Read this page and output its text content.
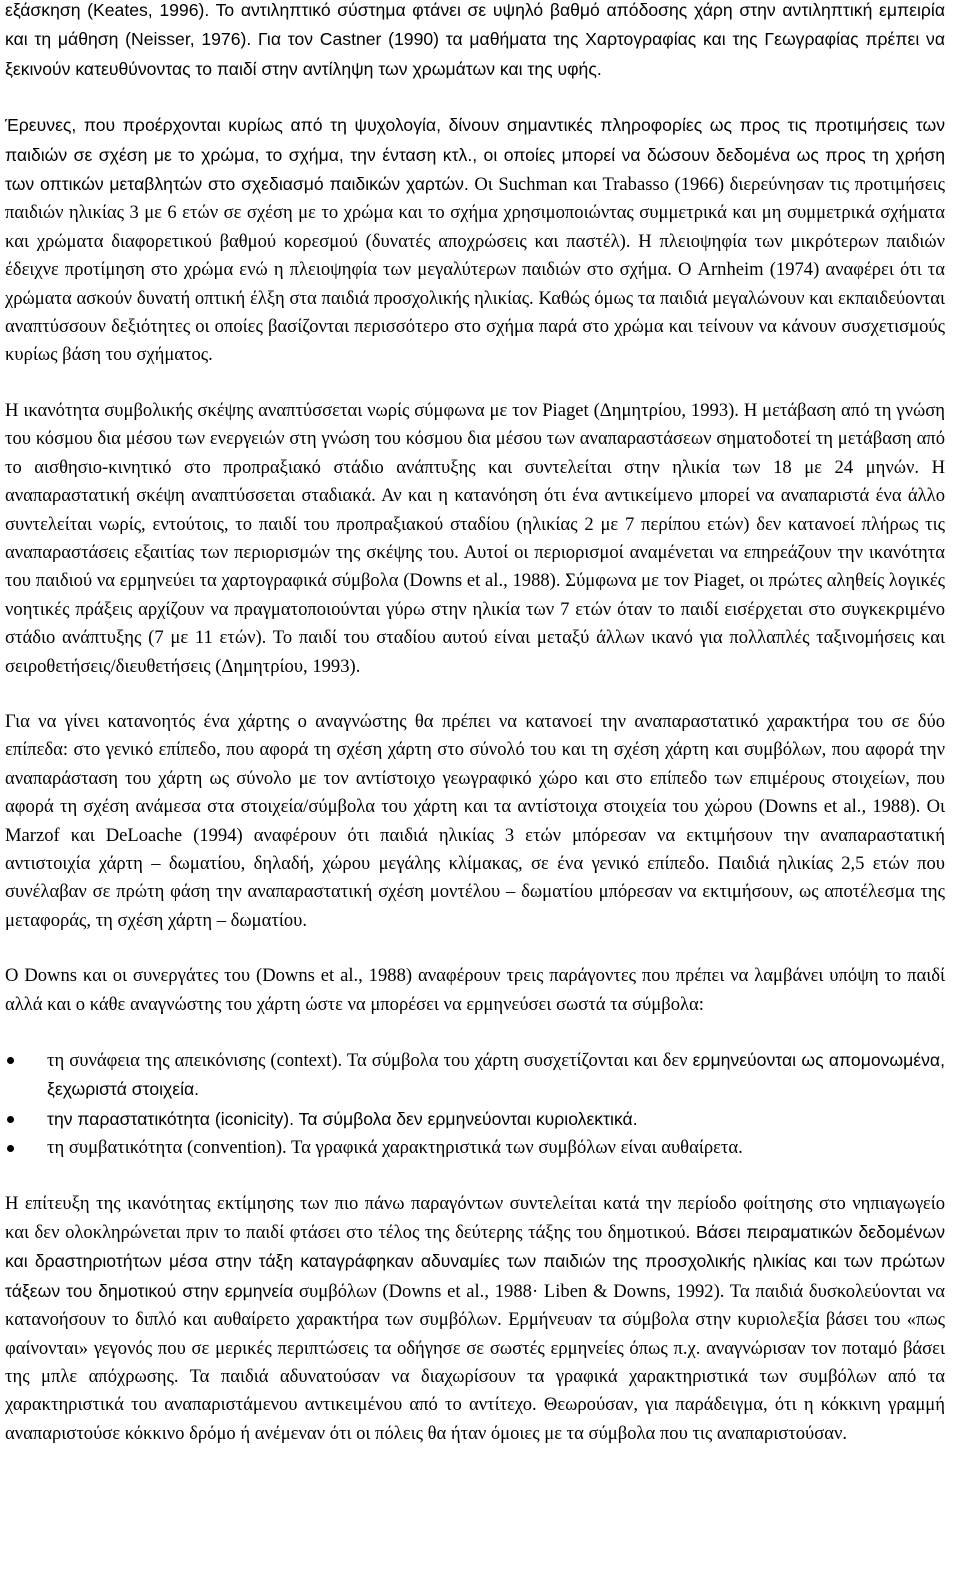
εξάσκηση (Keates, 1996). Το αντιληπτικό σύστημα φτάνει σε υψηλό βαθμό απόδοσης χάρη στην αντιληπτική εμπειρία και τη μάθηση (Neisser, 1976). Για τον Castner (1990) τα μαθήματα της Χαρτογραφίας και της Γεωγραφίας πρέπει να ξεκινούν κατευθύνοντας το παιδί στην αντίληψη των χρωμάτων και της υφής.

Έρευνες, που προέρχονται κυρίως από τη ψυχολογία, δίνουν σημαντικές πληροφορίες ως προς τις προτιμήσεις των παιδιών σε σχέση με το χρώμα, το σχήμα, την ένταση κτλ., οι οποίες μπορεί να δώσουν δεδομένα ως προς τη χρήση των οπτικών μεταβλητών στο σχεδιασμό παιδικών χαρτών. Οι Suchman και Trabasso (1966) διερεύνησαν τις προτιμήσεις παιδιών ηλικίας 3 με 6 ετών σε σχέση με το χρώμα και το σχήμα χρησιμοποιώντας συμμετρικά και μη συμμετρικά σχήματα και χρώματα διαφορετικού βαθμού κορεσμού (δυνατές αποχρώσεις και παστέλ). Η πλειοψηφία των μικρότερων παιδιών έδειχνε προτίμηση στο χρώμα ενώ η πλειοψηφία των μεγαλύτερων παιδιών στο σχήμα. Ο Arnheim (1974) αναφέρει ότι τα χρώματα ασκούν δυνατή οπτική έλξη στα παιδιά προσχολικής ηλικίας. Καθώς όμως τα παιδιά μεγαλώνουν και εκπαιδεύονται αναπτύσσουν δεξιότητες οι οποίες βασίζονται περισσότερο στο σχήμα παρά στο χρώμα και τείνουν να κάνουν συσχετισμούς κυρίως βάση του σχήματος.

Η ικανότητα συμβολικής σκέψης αναπτύσσεται νωρίς σύμφωνα με τον Piaget (Δημητρίου, 1993). Η μετάβαση από τη γνώση του κόσμου δια μέσου των ενεργειών στη γνώση του κόσμου δια μέσου των αναπαραστάσεων σηματοδοτεί τη μετάβαση από το αισθησιο-κινητικό στο προπραξιακό στάδιο ανάπτυξης και συντελείται στην ηλικία των 18 με 24 μηνών. Η αναπαραστατική σκέψη αναπτύσσεται σταδιακά. Αν και η κατανόηση ότι ένα αντικείμενο μπορεί να αναπαριστά ένα άλλο συντελείται νωρίς, εντούτοις, το παιδί του προπραξιακού σταδίου (ηλικίας 2 με 7 περίπου ετών) δεν κατανοεί πλήρως τις αναπαραστάσεις εξαιτίας των περιορισμών της σκέψης του. Αυτοί οι περιορισμοί αναμένεται να επηρεάζουν την ικανότητα του παιδιού να ερμηνεύει τα χαρτογραφικά σύμβολα (Downs et al., 1988). Σύμφωνα με τον Piaget, οι πρώτες αληθείς λογικές νοητικές πράξεις αρχίζουν να πραγματοποιούνται γύρω στην ηλικία των 7 ετών όταν το παιδί εισέρχεται στο συγκεκριμένο στάδιο ανάπτυξης (7 με 11 ετών). Το παιδί του σταδίου αυτού είναι μεταξύ άλλων ικανό για πολλαπλές ταξινομήσεις και σειροθετήσεις/διευθετήσεις (Δημητρίου, 1993).

Για να γίνει κατανοητός ένα χάρτης ο αναγνώστης θα πρέπει να κατανοεί την αναπαραστατικό χαρακτήρα του σε δύο επίπεδα: στο γενικό επίπεδο, που αφορά τη σχέση χάρτη στο σύνολό του και τη σχέση χάρτη και συμβόλων, που αφορά την αναπαράσταση του χάρτη ως σύνολο με τον αντίστοιχο γεωγραφικό χώρο και στο επίπεδο των επιμέρους στοιχείων, που αφορά τη σχέση ανάμεσα στα στοιχεία/σύμβολα του χάρτη και τα αντίστοιχα στοιχεία του χώρου (Downs et al., 1988). Οι Marzof και DeLoache (1994) αναφέρουν ότι παιδιά ηλικίας 3 ετών μπόρεσαν να εκτιμήσουν την αναπαραστατική αντιστοιχία χάρτη – δωματίου, δηλαδή, χώρου μεγάλης κλίμακας, σε ένα γενικό επίπεδο. Παιδιά ηλικίας 2,5 ετών που συνέλαβαν σε πρώτη φάση την αναπαραστατική σχέση μοντέλου – δωματίου μπόρεσαν να εκτιμήσουν, ως αποτέλεσμα της μεταφοράς, τη σχέση χάρτη – δωματίου.

Ο Downs και οι συνεργάτες του (Downs et al., 1988) αναφέρουν τρεις παράγοντες που πρέπει να λαμβάνει υπόψη το παιδί αλλά και ο κάθε αναγνώστης του χάρτη ώστε να μπορέσει να ερμηνεύσει σωστά τα σύμβολα:

τη συνάφεια της απεικόνισης (context). Τα σύμβολα του χάρτη συσχετίζονται και δεν ερμηνεύονται ως απομονωμένα, ξεχωριστά στοιχεία.
την παραστατικότητα (iconicity). Τα σύμβολα δεν ερμηνεύονται κυριολεκτικά.
τη συμβατικότητα (convention). Τα γραφικά χαρακτηριστικά των συμβόλων είναι αυθαίρετα.

Η επίτευξη της ικανότητας εκτίμησης των πιο πάνω παραγόντων συντελείται κατά την περίοδο φοίτησης στο νηπιαγωγείο και δεν ολοκληρώνεται πριν το παιδί φτάσει στο τέλος της δεύτερης τάξης του δημοτικού. Βάσει πειραματικών δεδομένων και δραστηριοτήτων μέσα στην τάξη καταγράφηκαν αδυναμίες των παιδιών της προσχολικής ηλικίας και των πρώτων τάξεων του δημοτικού στην ερμηνεία συμβόλων (Downs et al., 1988· Liben & Downs, 1992). Τα παιδιά δυσκολεύονται να κατανοήσουν το διπλό και αυθαίρετο χαρακτήρα των συμβόλων. Ερμήνευαν τα σύμβολα στην κυριολεξία βάσει του «πως φαίνονται» γεγονός που σε μερικές περιπτώσεις τα οδήγησε σε σωστές ερμηνείες όπως π.χ. αναγνώρισαν τον ποταμό βάσει της μπλε απόχρωσης. Τα παιδιά αδυνατούσαν να διαχωρίσουν τα γραφικά χαρακτηριστικά των συμβόλων από τα χαρακτηριστικά του αναπαριστάμενου αντικειμένου από το αντίτεχο. Θεωρούσαν, για παράδειγμα, ότι η κόκκινη γραμμή αναπαριστούσε κόκκινο δρόμο ή ανέμεναν ότι οι πόλεις θα ήταν όμοιες με τα σύμβολα που τις αναπαριστούσαν.
